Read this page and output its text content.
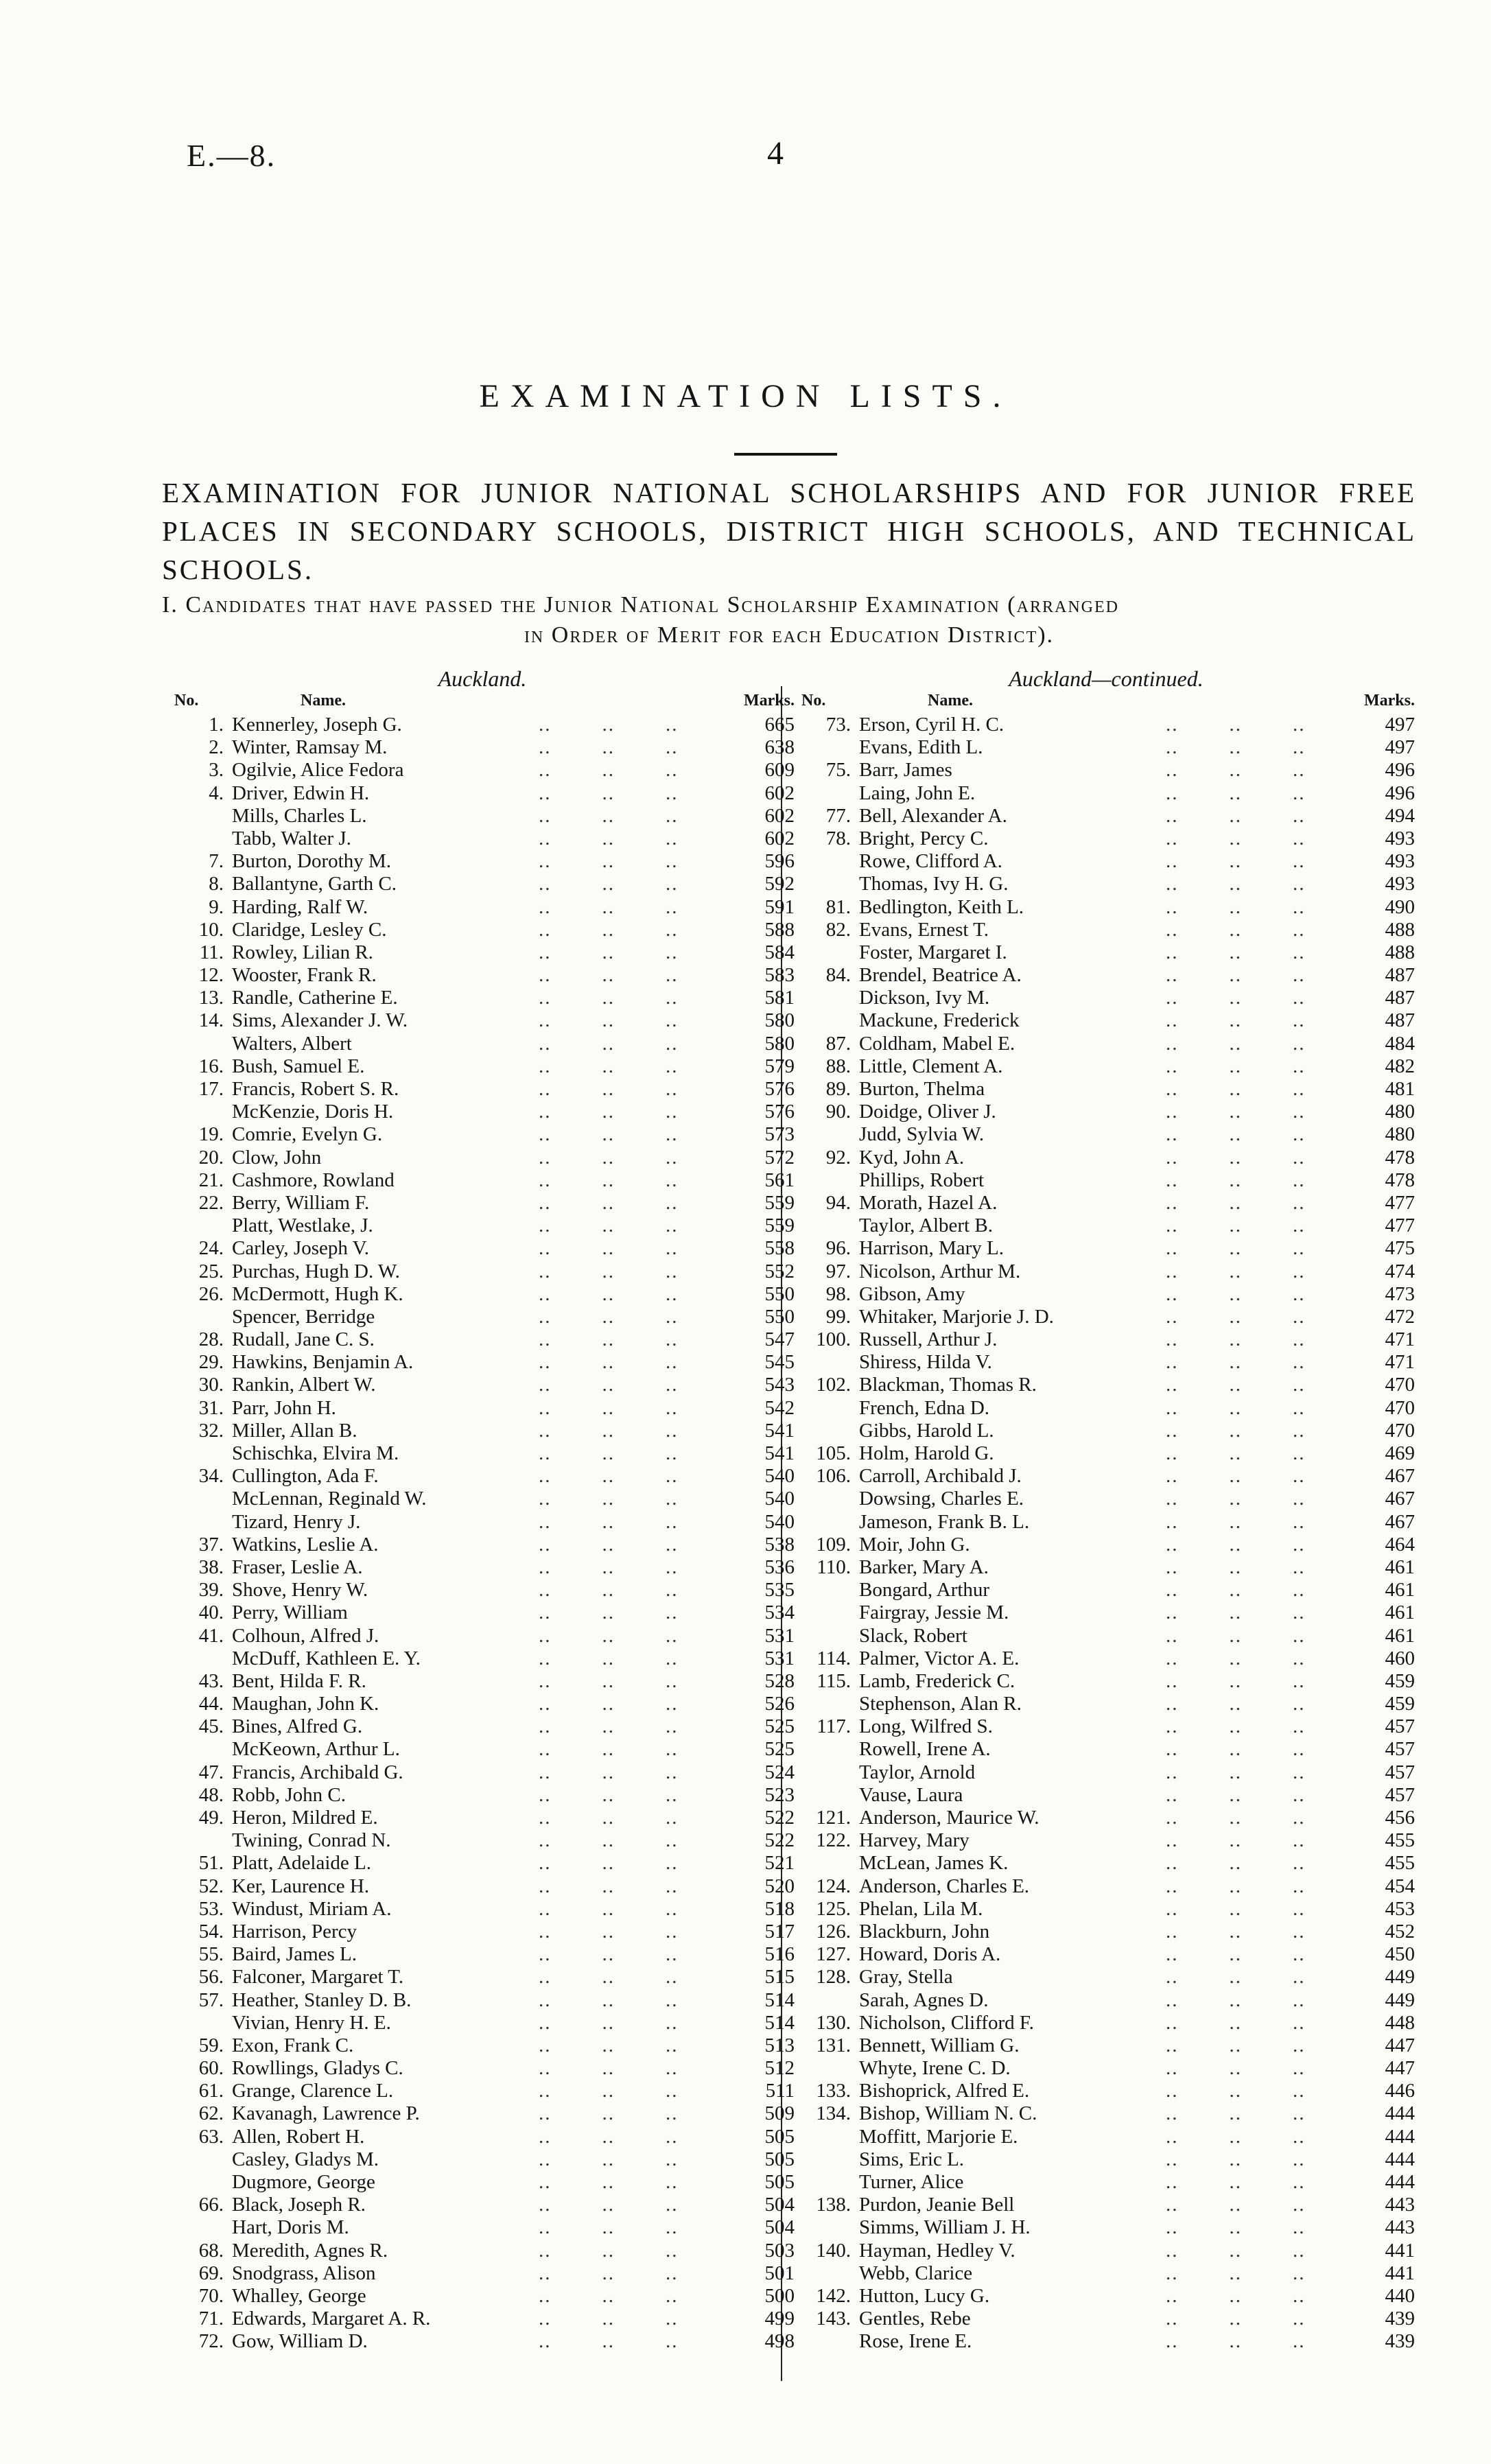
E.—8.	4
EXAMINATION LISTS.
EXAMINATION FOR JUNIOR NATIONAL SCHOLARSHIPS AND FOR JUNIOR FREE PLACES IN SECONDARY SCHOOLS, DISTRICT HIGH SCHOOLS, AND TECHNICAL SCHOOLS.
I. Candidates that have passed the Junior National Scholarship Examination (arranged
in Order of Merit for each Education District).
Auckland.
No.	Name.	Marks.
1. Kennerley, Joseph G.	..        ..        ..	665
2. Winter, Ramsay M.	..        ..        ..	638
3. Ogilvie, Alice Fedora	..        ..        ..	609
4. Driver, Edwin H.	..        ..        ..	602
Mills, Charles L.	..        ..        ..	602
Tabb, Walter J.	..        ..        ..	602
7. Burton, Dorothy M.	..        ..        ..	596
8. Ballantyne, Garth C.	..        ..        ..	592
9. Harding, Ralf W.	..        ..        ..	591
10. Claridge, Lesley C.	..        ..        ..	588
11. Rowley, Lilian R.	..        ..        ..	584
12. Wooster, Frank R.	..        ..        ..	583
13. Randle, Catherine E.	..        ..        ..	581
14. Sims, Alexander J. W.	..        ..        ..	580
Walters, Albert	..        ..        ..	580
16. Bush, Samuel E.	..        ..        ..	579
17. Francis, Robert S. R.	..        ..        ..	576
McKenzie, Doris H.	..        ..        ..	576
19. Comrie, Evelyn G.	..        ..        ..	573
20. Clow, John	..        ..        ..	572
21. Cashmore, Rowland	..        ..        ..	561
22. Berry, William F.	..        ..        ..	559
Platt, Westlake, J.	..        ..        ..	559
24. Carley, Joseph V.	..        ..        ..	558
25. Purchas, Hugh D. W.	..        ..        ..	552
26. McDermott, Hugh K.	..        ..        ..	550
Spencer, Berridge	..        ..        ..	550
28. Rudall, Jane C. S.	..        ..        ..	547
29. Hawkins, Benjamin A.	..        ..        ..	545
30. Rankin, Albert W.	..        ..        ..	543
31. Parr, John H.	..        ..        ..	542
32. Miller, Allan B.	..        ..        ..	541
Schischka, Elvira M.	..        ..        ..	541
34. Cullington, Ada F.	..        ..        ..	540
McLennan, Reginald W.	..        ..        ..	540
Tizard, Henry J.	..        ..        ..	540
37. Watkins, Leslie A.	..        ..        ..	538
38. Fraser, Leslie A.	..        ..        ..	536
39. Shove, Henry W.	..        ..        ..	535
40. Perry, William	..        ..        ..	534
41. Colhoun, Alfred J.	..        ..        ..	531
McDuff, Kathleen E. Y.	..        ..        ..	531
43. Bent, Hilda F. R.	..        ..        ..	528
44. Maughan, John K.	..        ..        ..	526
45. Bines, Alfred G.	..        ..        ..	525
McKeown, Arthur L.	..        ..        ..	525
47. Francis, Archibald G.	..        ..        ..	524
48. Robb, John C.	..        ..        ..	523
49. Heron, Mildred E.	..        ..        ..	522
Twining, Conrad N.	..        ..        ..	522
51. Platt, Adelaide L.	..        ..        ..	521
52. Ker, Laurence H.	..        ..        ..	520
53. Windust, Miriam A.	..        ..        ..	518
54. Harrison, Percy	..        ..        ..	517
55. Baird, James L.	..        ..        ..	516
56. Falconer, Margaret T.	..        ..        ..	515
57. Heather, Stanley D. B.	..        ..        ..	514
Vivian, Henry H. E.	..        ..        ..	514
59. Exon, Frank C.	..        ..        ..	513
60. Rowllings, Gladys C.	..        ..        ..	512
61. Grange, Clarence L.	..        ..        ..	511
62. Kavanagh, Lawrence P.	..        ..        ..	509
63. Allen, Robert H.	..        ..        ..	505
Casley, Gladys M.	..        ..        ..	505
Dugmore, George	..        ..        ..	505
66. Black, Joseph R.	..        ..        ..	504
Hart, Doris M.	..        ..        ..	504
68. Meredith, Agnes R.	..        ..        ..	503
69. Snodgrass, Alison	..        ..        ..	501
70. Whalley, George	..        ..        ..	500
71. Edwards, Margaret A. R.	..        ..        ..	499
72. Gow, William D.	..        ..        ..	498
Auckland—continued.
No.	Name.	Marks.
73. Erson, Cyril H. C.	..        ..        ..	497
Evans, Edith L.	..        ..        ..	497
75. Barr, James	..        ..        ..	496
Laing, John E.	..        ..        ..	496
77. Bell, Alexander A.	..        ..        ..	494
78. Bright, Percy C.	..        ..        ..	493
Rowe, Clifford A.	..        ..        ..	493
Thomas, Ivy H. G.	..        ..        ..	493
81. Bedlington, Keith L.	..        ..        ..	490
82. Evans, Ernest T.	..        ..        ..	488
Foster, Margaret I.	..        ..        ..	488
84. Brendel, Beatrice A.	..        ..        ..	487
Dickson, Ivy M.	..        ..        ..	487
Mackune, Frederick	..        ..        ..	487
87. Coldham, Mabel E.	..        ..        ..	484
88. Little, Clement A.	..        ..        ..	482
89. Burton, Thelma	..        ..        ..	481
90. Doidge, Oliver J.	..        ..        ..	480
Judd, Sylvia W.	..        ..        ..	480
92. Kyd, John A.	..        ..        ..	478
Phillips, Robert	..        ..        ..	478
94. Morath, Hazel A.	..        ..        ..	477
Taylor, Albert B.	..        ..        ..	477
96. Harrison, Mary L.	..        ..        ..	475
97. Nicolson, Arthur M.	..        ..        ..	474
98. Gibson, Amy	..        ..        ..	473
99. Whitaker, Marjorie J. D.	..        ..        ..	472
100. Russell, Arthur J.	..        ..        ..	471
Shiress, Hilda V.	..        ..        ..	471
102. Blackman, Thomas R.	..        ..        ..	470
French, Edna D.	..        ..        ..	470
Gibbs, Harold L.	..        ..        ..	470
105. Holm, Harold G.	..        ..        ..	469
106. Carroll, Archibald J.	..        ..        ..	467
Dowsing, Charles E.	..        ..        ..	467
Jameson, Frank B. L.	..        ..        ..	467
109. Moir, John G.	..        ..        ..	464
110. Barker, Mary A.	..        ..        ..	461
Bongard, Arthur	..        ..        ..	461
Fairgray, Jessie M.	..        ..        ..	461
Slack, Robert	..        ..        ..	461
114. Palmer, Victor A. E.	..        ..        ..	460
115. Lamb, Frederick C.	..        ..        ..	459
Stephenson, Alan R.	..        ..        ..	459
117. Long, Wilfred S.	..        ..        ..	457
Rowell, Irene A.	..        ..        ..	457
Taylor, Arnold	..        ..        ..	457
Vause, Laura	..        ..        ..	457
121. Anderson, Maurice W.	..        ..        ..	456
122. Harvey, Mary	..        ..        ..	455
McLean, James K.	..        ..        ..	455
124. Anderson, Charles E.	..        ..        ..	454
125. Phelan, Lila M.	..        ..        ..	453
126. Blackburn, John	..        ..        ..	452
127. Howard, Doris A.	..        ..        ..	450
128. Gray, Stella	..        ..        ..	449
Sarah, Agnes D.	..        ..        ..	449
130. Nicholson, Clifford F.	..        ..        ..	448
131. Bennett, William G.	..        ..        ..	447
Whyte, Irene C. D.	..        ..        ..	447
133. Bishoprick, Alfred E.	..        ..        ..	446
134. Bishop, William N. C.	..        ..        ..	444
Moffitt, Marjorie E.	..        ..        ..	444
Sims, Eric L.	..        ..        ..	444
Turner, Alice	..        ..        ..	444
138. Purdon, Jeanie Bell	..        ..        ..	443
Simms, William J. H.	..        ..        ..	443
140. Hayman, Hedley V.	..        ..        ..	441
Webb, Clarice	..        ..        ..	441
142. Hutton, Lucy G.	..        ..        ..	440
143. Gentles, Rebe	..        ..        ..	439
Rose, Irene E.	..        ..        ..	439
